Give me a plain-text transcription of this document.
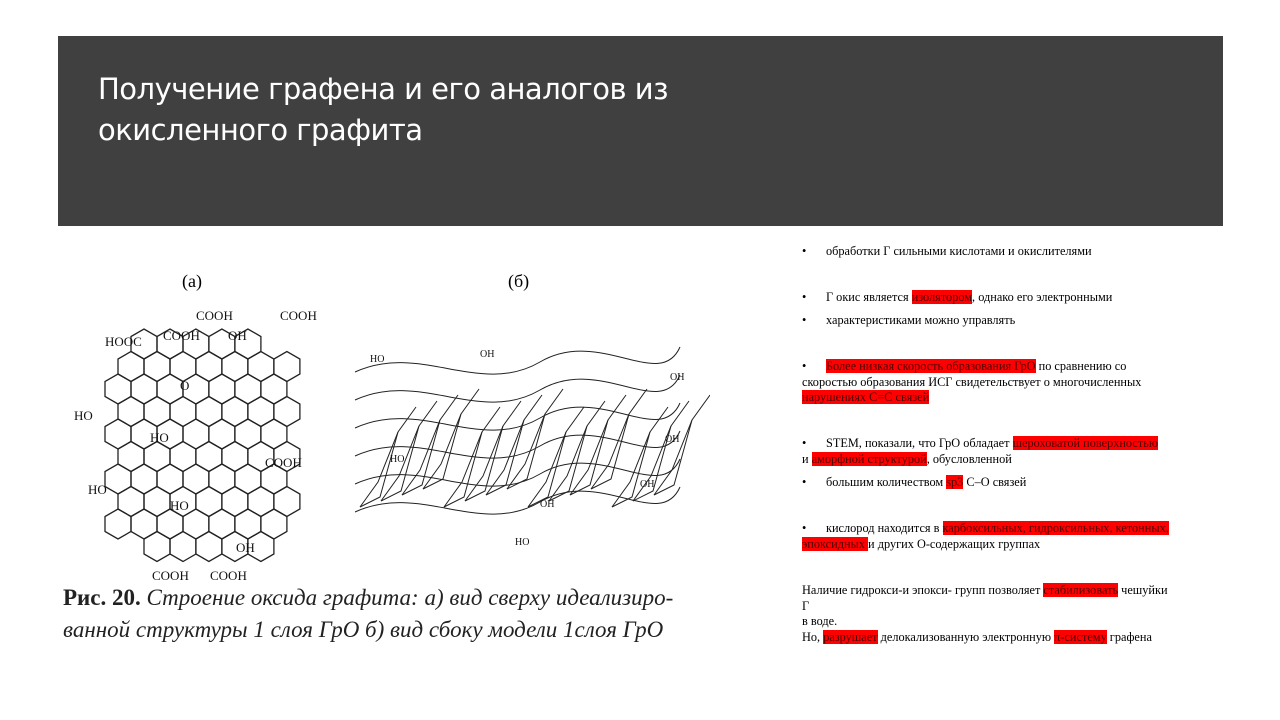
Получение графена и его аналогов из
окисленного графита
(a)	(б)
COOH
HOOC COOH OH
COOH
HO
HO
COOH
HO
OH
COOH COOH
O
HO
OH
HO
OH
OH
HO
OH
OH
HO
Рис. 20. Строение оксида графита: а) вид сверху идеализиро-
ванной структуры 1 слоя ГрО б) вид сбоку модели 1слоя ГрО
• обработки Г сильными кислотами и окислителями
• Г окис является изолятором, однако его электронными
• характеристиками можно управлять
• Более низкая скорость образования ГрО по сравнению со скоростью образования ИСГ свидетельствует о многочисленных нарушениях C=C связей
• STEM, показали, что ГрО обладает шероховатой поверхностью и аморфной структурой, обусловленной
• большим количеством sp3 C–O связей
• кислород находится в карбоксильных, гидроксильных, кетонных, эпоксидных и других O-содержащих группах
Наличие гидрокси-и эпокси- групп позволяет стабилизовать чешуйки Г
в воде.
Но, разрушает делокализованную электронную π-систему графена
